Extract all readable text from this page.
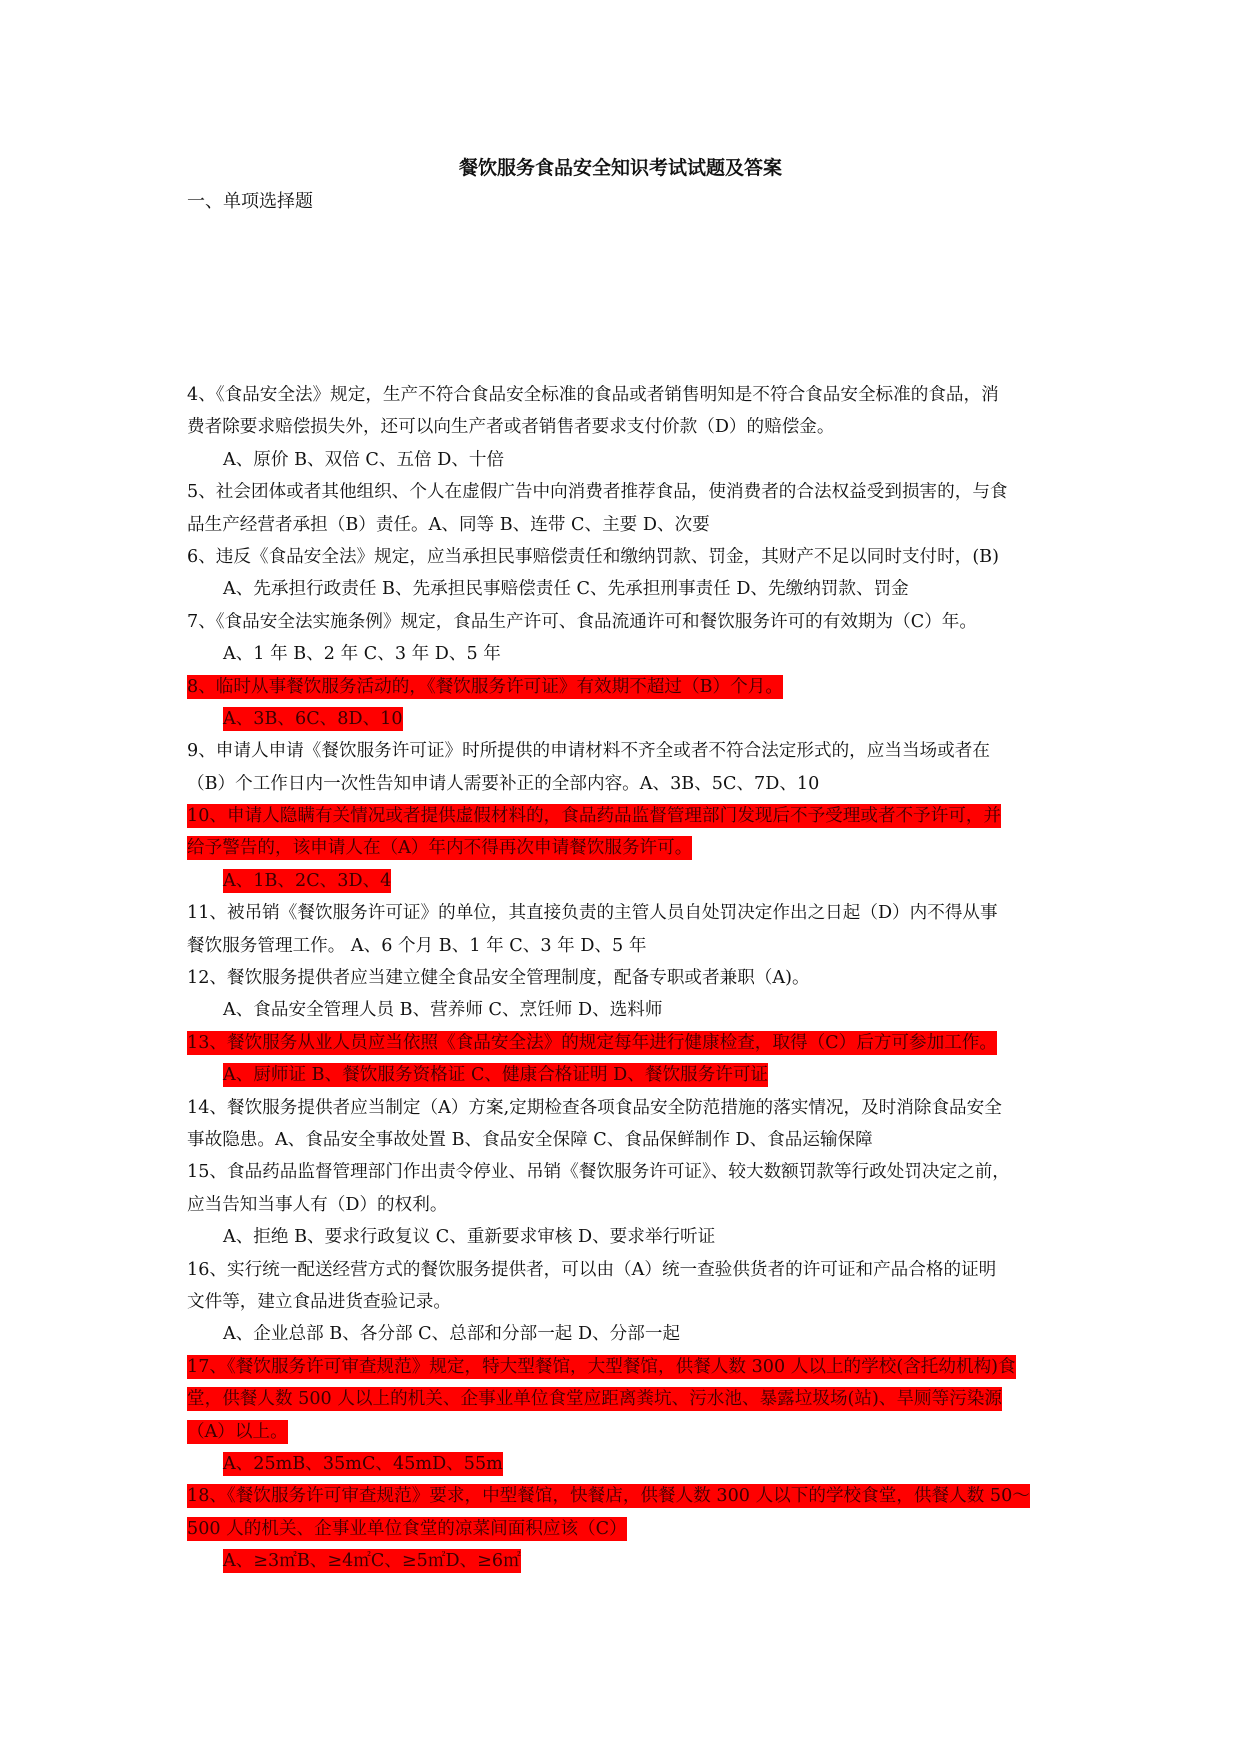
餐饮服务食品安全知识考试试题及答案
一、单项选择题
4、《食品安全法》规定，生产不符合食品安全标准的食品或者销售明知是不符合食品安全标准的食品，消
费者除要求赔偿损失外，还可以向生产者或者销售者要求支付价款（D）的赔偿金。
A、原价 B、双倍 C、五倍 D、十倍
5、社会团体或者其他组织、个人在虚假广告中向消费者推荐食品，使消费者的合法权益受到损害的，与食
品生产经营者承担（B）责任。A、同等 B、连带 C、主要 D、次要
6、违反《食品安全法》规定，应当承担民事赔偿责任和缴纳罚款、罚金，其财产不足以同时支付时，(B)
A、先承担行政责任 B、先承担民事赔偿责任 C、先承担刑事责任 D、先缴纳罚款、罚金
7、《食品安全法实施条例》规定，食品生产许可、食品流通许可和餐饮服务许可的有效期为（C）年。
A、1 年 B、2 年 C、3 年 D、5 年
8、临时从事餐饮服务活动的，《餐饮服务许可证》有效期不超过（B）个月。
A、3B、6C、8D、10
9、申请人申请《餐饮服务许可证》时所提供的申请材料不齐全或者不符合法定形式的，应当当场或者在
（B）个工作日内一次性告知申请人需要补正的全部内容。A、3B、5C、7D、10
10、申请人隐瞒有关情况或者提供虚假材料的，食品药品监督管理部门发现后不予受理或者不予许可，并
给予警告的，该申请人在（A）年内不得再次申请餐饮服务许可。
A、1B、2C、3D、4
11、被吊销《餐饮服务许可证》的单位，其直接负责的主管人员自处罚决定作出之日起（D）内不得从事
餐饮服务管理工作。 A、6 个月 B、1 年 C、3 年 D、5 年
12、餐饮服务提供者应当建立健全食品安全管理制度，配备专职或者兼职（A)。
A、食品安全管理人员 B、营养师 C、烹饪师 D、选料师
13、餐饮服务从业人员应当依照《食品安全法》的规定每年进行健康检查，取得（C）后方可参加工作。
A、厨师证 B、餐饮服务资格证 C、健康合格证明 D、餐饮服务许可证
14、餐饮服务提供者应当制定（A）方案,定期检查各项食品安全防范措施的落实情况，及时消除食品安全
事故隐患。A、食品安全事故处置 B、食品安全保障 C、食品保鲜制作 D、食品运输保障
15、食品药品监督管理部门作出责令停业、吊销《餐饮服务许可证》、较大数额罚款等行政处罚决定之前，
应当告知当事人有（D）的权利。
A、拒绝 B、要求行政复议 C、重新要求审核 D、要求举行听证
16、实行统一配送经营方式的餐饮服务提供者，可以由（A）统一查验供货者的许可证和产品合格的证明
文件等，建立食品进货查验记录。
A、企业总部 B、各分部 C、总部和分部一起 D、分部一起
17、《餐饮服务许可审查规范》规定，特大型餐馆，大型餐馆，供餐人数 300 人以上的学校(含托幼机构)食
堂，供餐人数 500 人以上的机关、企事业单位食堂应距离粪坑、污水池、暴露垃圾场(站)、旱厕等污染源
（A）以上。
A、25mB、35mC、45mD、55m
18、《餐饮服务许可审查规范》要求，中型餐馆，快餐店，供餐人数 300 人以下的学校食堂，供餐人数 50～
500 人的机关、企事业单位食堂的凉菜间面积应该（C）
A、≥3㎡B、≥4㎡C、≥5㎡D、≥6㎡
